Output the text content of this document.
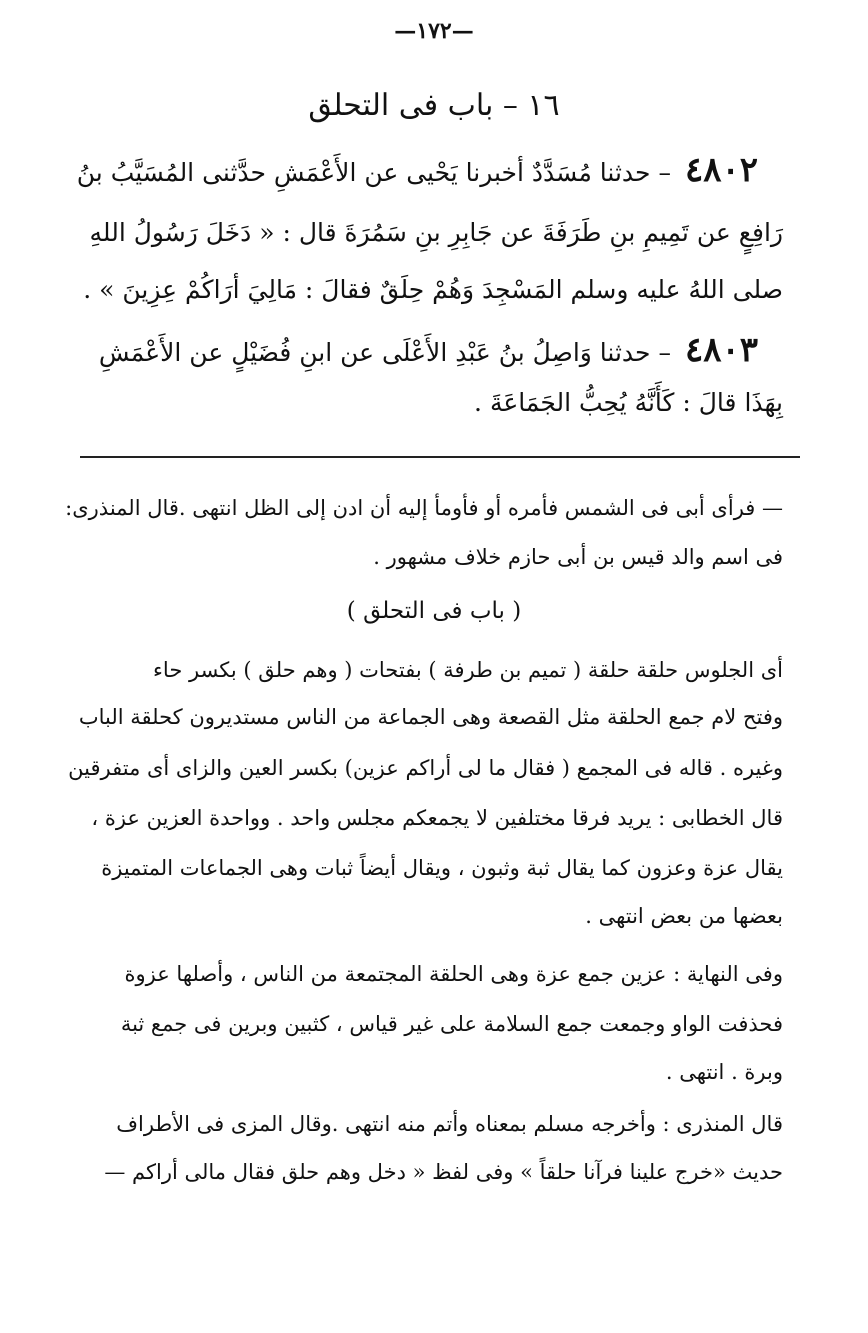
—١٧٢—
١٦ – باب فى التحلق
٤٨٠٢– حدثنا مُسَدَّدٌ أخبرنا يَحْيى عن الأَعْمَشِ حدَّثنى المُسَيَّبُ بنُ
رَافِعٍ عن تَمِيمِ بنِ طَرَفَةَ عن جَابِرِ بنِ سَمُرَةَ قال : « دَخَلَ رَسُولُ اللهِ
صلى اللهُ عليه وسلم المَسْجِدَ وَهُمْ حِلَقٌ فقالَ : مَالِيَ أرَاكُمْ عِزِينَ » .
٤٨٠٣– حدثنا وَاصِلُ بنُ عَبْدِ الأَعْلَى عن ابنِ فُضَيْلٍ عن الأَعْمَشِ
بِهَذَا قالَ : كَأَنَّهُ يُحِبُّ الجَمَاعَةَ .
— فرأى أبى فى الشمس فأمره أو فأومأ إليه أن ادن إلى الظل انتهى .قال المنذرى:
فى اسم والد قيس بن أبى حازم خلاف مشهور .
( باب فى التحلق )
أى الجلوس حلقة حلقة ( تميم بن طرفة ) بفتحات ( وهم حلق ) بكسر حاء
وفتح لام جمع الحلقة مثل القصعة وهى الجماعة من الناس مستديرون كحلقة الباب
وغيره . قاله فى المجمع ( فقال ما لى أراكم عزين) بكسر العين والزاى أى متفرقين
قال الخطابى : يريد فرقا مختلفين لا يجمعكم مجلس واحد . وواحدة العزين عزة ،
يقال عزة وعزون كما يقال ثبة وثبون ، ويقال أيضاً ثبات وهى الجماعات المتميزة
بعضها من بعض انتهى .
وفى النهاية : عزين جمع عزة وهى الحلقة المجتمعة من الناس ، وأصلها عزوة
فحذفت الواو وجمعت جمع السلامة على غير قياس ، كثبين وبرين فى جمع ثبة
وبرة . انتهى .
قال المنذرى : وأخرجه مسلم بمعناه وأتم منه انتهى .وقال المزى فى الأطراف
حديث «خرج علينا فرآنا حلقاً » وفى لفظ « دخل وهم حلق فقال مالى أراكم —
